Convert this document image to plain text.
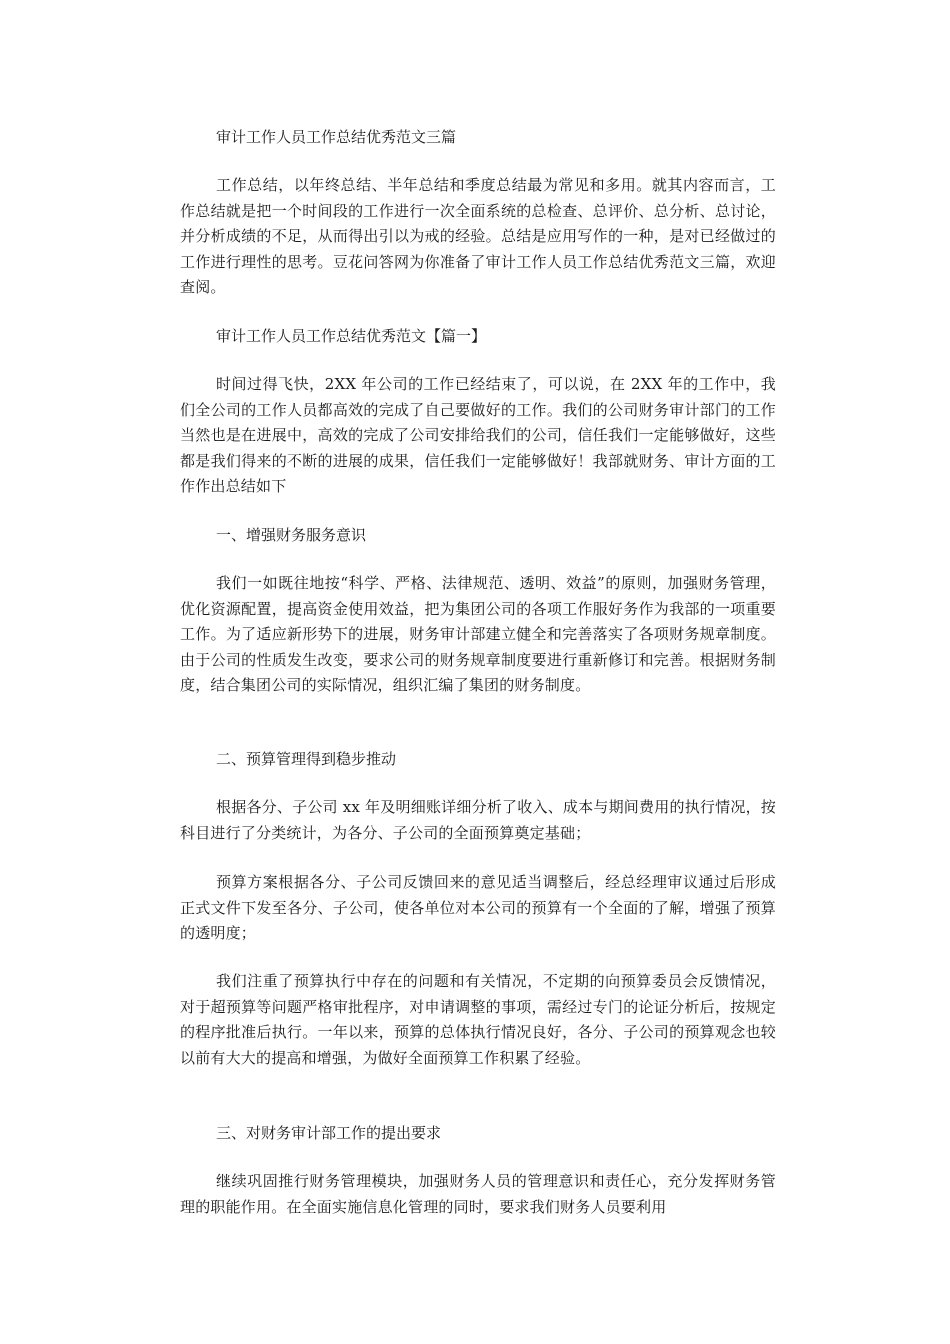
审计工作人员工作总结优秀范文三篇

工作总结，以年终总结、半年总结和季度总结最为常见和多用。就其内容而言，工作总结就是把一个时间段的工作进行一次全面系统的总检查、总评价、总分析、总讨论，并分析成绩的不足，从而得出引以为戒的经验。总结是应用写作的一种，是对已经做过的工作进行理性的思考。豆花问答网为你准备了审计工作人员工作总结优秀范文三篇，欢迎查阅。

审计工作人员工作总结优秀范文【篇一】

时间过得飞快，2XX 年公司的工作已经结束了，可以说，在 2XX 年的工作中，我们全公司的工作人员都高效的完成了自己要做好的工作。我们的公司财务审计部门的工作当然也是在进展中，高效的完成了公司安排给我们的公司，信任我们一定能够做好，这些都是我们得来的不断的进展的成果，信任我们一定能够做好！我部就财务、审计方面的工作作出总结如下

一、增强财务服务意识

我们一如既往地按“科学、严格、法律规范、透明、效益”的原则，加强财务管理，优化资源配置，提高资金使用效益，把为集团公司的各项工作服好务作为我部的一项重要工作。为了适应新形势下的进展，财务审计部建立健全和完善落实了各项财务规章制度。由于公司的性质发生改变，要求公司的财务规章制度要进行重新修订和完善。根据财务制度，结合集团公司的实际情况，组织汇编了集团的财务制度。

二、预算管理得到稳步推动

根据各分、子公司 xx 年及明细账详细分析了收入、成本与期间费用的执行情况，按科目进行了分类统计，为各分、子公司的全面预算奠定基础；

预算方案根据各分、子公司反馈回来的意见适当调整后，经总经理审议通过后形成正式文件下发至各分、子公司，使各单位对本公司的预算有一个全面的了解，增强了预算的透明度；

我们注重了预算执行中存在的问题和有关情况，不定期的向预算委员会反馈情况，对于超预算等问题严格审批程序，对申请调整的事项，需经过专门的论证分析后，按规定的程序批准后执行。一年以来，预算的总体执行情况良好，各分、子公司的预算观念也较以前有大大的提高和增强，为做好全面预算工作积累了经验。

三、对财务审计部工作的提出要求

继续巩固推行财务管理模块，加强财务人员的管理意识和责任心，充分发挥财务管理的职能作用。在全面实施信息化管理的同时，要求我们财务人员要利用
